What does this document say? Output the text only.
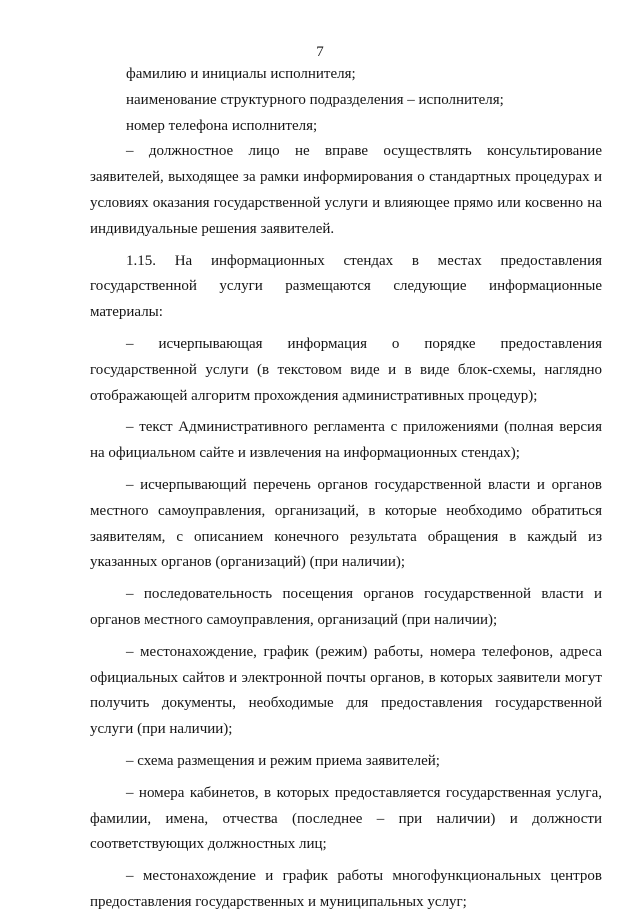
7

фамилию и инициалы исполнителя;

наименование структурного подразделения – исполнителя;

номер телефона исполнителя;

– должностное лицо не вправе осуществлять консультирование заявителей, выходящее за рамки информирования о стандартных процедурах и условиях оказания государственной услуги и влияющее прямо или косвенно на индивидуальные решения заявителей.

1.15. На информационных стендах в местах предоставления государственной услуги размещаются следующие информационные материалы:

– исчерпывающая информация о порядке предоставления государственной услуги (в текстовом виде и в виде блок-схемы, наглядно отображающей алгоритм прохождения административных процедур);

– текст Административного регламента с приложениями (полная версия на официальном сайте и извлечения на информационных стендах);

– исчерпывающий перечень органов государственной власти и органов местного самоуправления, организаций, в которые необходимо обратиться заявителям, с описанием конечного результата обращения в каждый из указанных органов (организаций) (при наличии);

– последовательность посещения органов государственной власти и органов местного самоуправления, организаций (при наличии);

– местонахождение, график (режим) работы, номера телефонов, адреса официальных сайтов и электронной почты органов, в которых заявители могут получить документы, необходимые для предоставления государственной услуги (при наличии);

– схема размещения и режим приема заявителей;

– номера кабинетов, в которых предоставляется государственная услуга, фамилии, имена, отчества (последнее – при наличии) и должности соответствующих должностных лиц;

– местонахождение и график работы многофункциональных центров предоставления государственных и муниципальных услуг;
